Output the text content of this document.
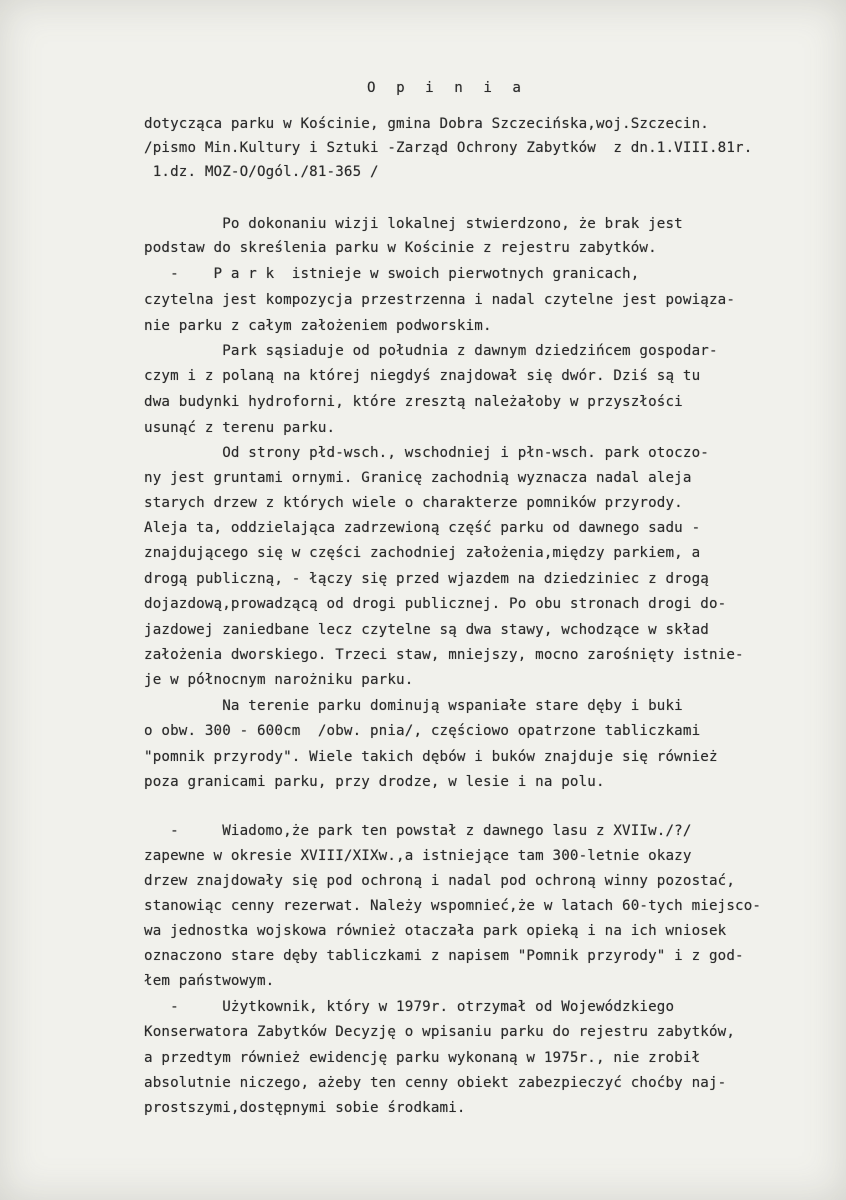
O p i n i a
dotycząca parku w Kościnie, gmina Dobra Szczecińska,woj.Szczecin.
/pismo Min.Kultury i Sztuki -Zarząd Ochrony Zabytków  z dn.1.VIII.81r.
1.dz. MOZ-O/Ogól./81-365 /
Po dokonaniu wizji lokalnej stwierdzono, że brak jest
podstaw do skreślenia parku w Kościnie z rejestru zabytków.
-    P a r k  istnieje w swoich pierwotnych granicach,
czytelna jest kompozycja przestrzenna i nadal czytelne jest powiąza-
nie parku z całym założeniem podworskim.
Park sąsiaduje od południa z dawnym dziedzińcem gospodar-
czym i z polaną na której niegdyś znajdował się dwór. Dziś są tu
dwa budynki hydroforni, które zresztą należałoby w przyszłości
usunąć z terenu parku.
Od strony płd-wsch., wschodniej i płn-wsch. park otoczo-
ny jest gruntami ornymi. Granicę zachodnią wyznacza nadal aleja
starych drzew z których wiele o charakterze pomników przyrody.
Aleja ta, oddzielająca zadrzewioną część parku od dawnego sadu -
znajdującego się w części zachodniej założenia,między parkiem, a
drogą publiczną, - łączy się przed wjazdem na dziedziniec z drogą
dojazdową,prowadzącą od drogi publicznej. Po obu stronach drogi do-
jazdowej zaniedbane lecz czytelne są dwa stawy, wchodzące w skład
założenia dworskiego. Trzeci staw, mniejszy, mocno zarośnięty istnie-
je w północnym narożniku parku.
Na terenie parku dominują wspaniałe stare dęby i buki
o obw. 300 - 600cm  /obw. pnia/, częściowo opatrzone tabliczkami
"pomnik przyrody". Wiele takich dębów i buków znajduje się również
poza granicami parku, przy drodze, w lesie i na polu.
-     Wiadomo,że park ten powstał z dawnego lasu z XVIIw./?/
zapewne w okresie XVIII/XIXw.,a istniejące tam 300-letnie okazy
drzew znajdowały się pod ochroną i nadal pod ochroną winny pozostać,
stanowiąc cenny rezerwat. Należy wspomnieć,że w latach 60-tych miejsco-
wa jednostka wojskowa również otaczała park opieką i na ich wniosek
oznaczono stare dęby tabliczkami z napisem "Pomnik przyrody" i z god-
łem państwowym.
-     Użytkownik, który w 1979r. otrzymał od Wojewódzkiego
Konserwatora Zabytków Decyzję o wpisaniu parku do rejestru zabytków,
a przedtym również ewidencję parku wykonaną w 1975r., nie zrobił
absolutnie niczego, ażeby ten cenny obiekt zabezpieczyć choćby naj-
prostszymi,dostępnymi sobie środkami.
